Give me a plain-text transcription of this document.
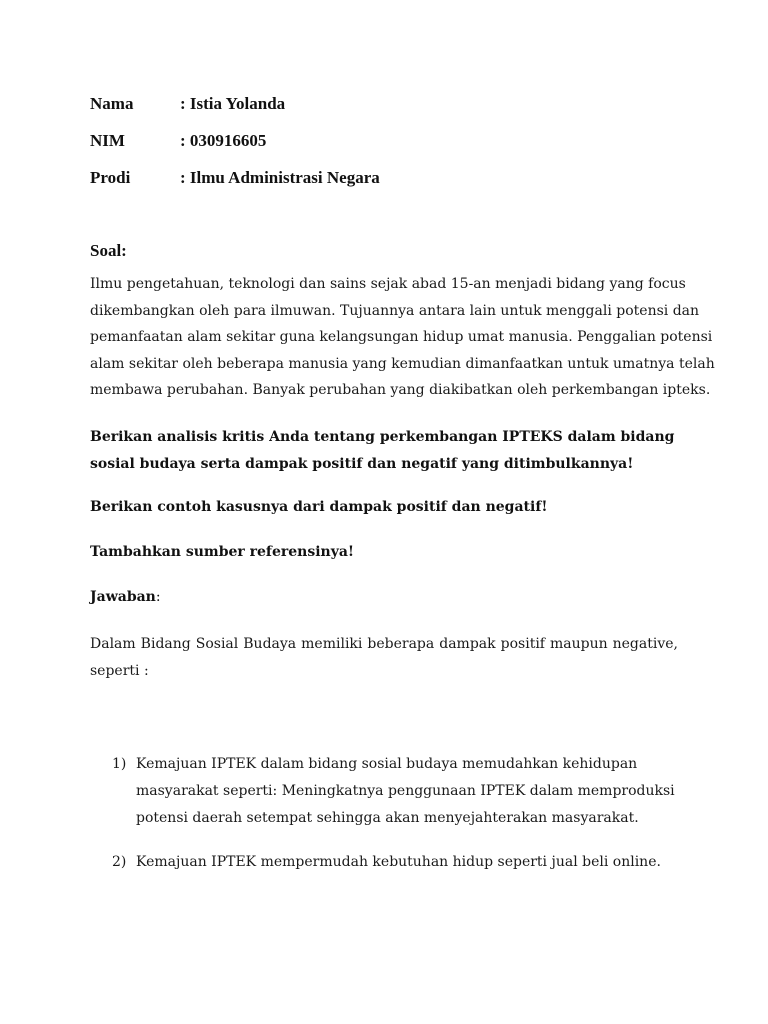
Nama	: Istia Yolanda
NIM	: 030916605
Prodi	: Ilmu Administrasi Negara
Soal:

Ilmu pengetahuan, teknologi dan sains sejak abad 15-an menjadi bidang yang focus
dikembangkan oleh para ilmuwan. Tujuannya antara lain untuk menggali potensi dan
pemanfaatan alam sekitar guna kelangsungan hidup umat manusia. Penggalian potensi
alam sekitar oleh beberapa manusia yang kemudian dimanfaatkan untuk umatnya telah
membawa perubahan. Banyak perubahan yang diakibatkan oleh perkembangan ipteks.

Berikan analisis kritis Anda tentang perkembangan IPTEKS dalam bidang
sosial budaya serta dampak positif dan negatif yang ditimbulkannya!
Berikan contoh kasusnya dari dampak positif dan negatif!
Tambahkan sumber referensinya!
Jawaban:

Dalam Bidang Sosial Budaya memiliki beberapa dampak positif maupun negative, seperti :

1) Kemajuan IPTEK dalam bidang sosial budaya memudahkan kehidupan
masyarakat seperti: Meningkatnya penggunaan IPTEK dalam memproduksi
potensi daerah setempat sehingga akan menyejahterakan masyarakat.
2) Kemajuan IPTEK mempermudah kebutuhan hidup seperti jual beli online.
